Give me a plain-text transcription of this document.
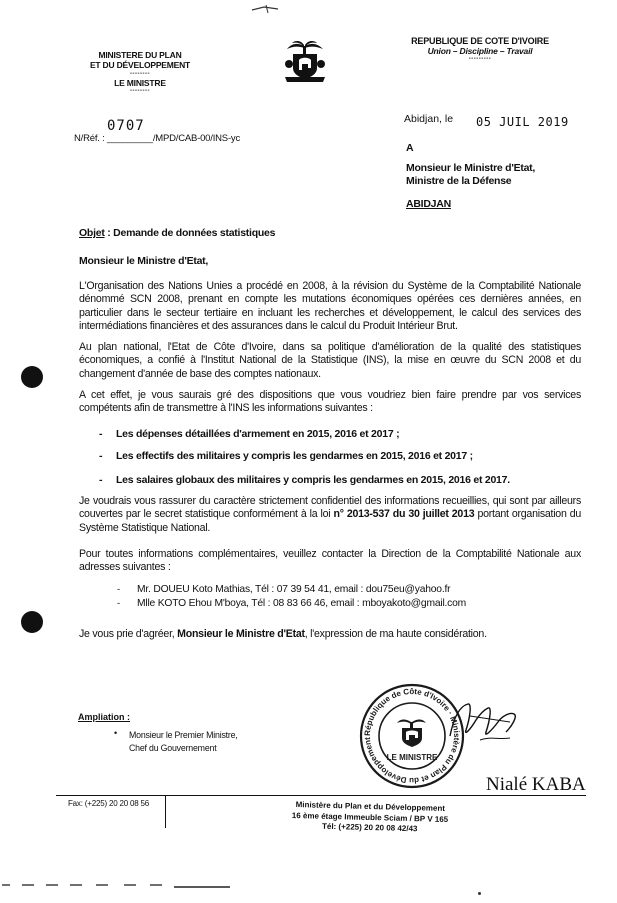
MINISTERE DU PLAN
ET DU DÉVELOPPEMENT
--------
LE MINISTRE
--------
0707
N/Réf. : _________/MPD/CAB-00/INS-yc
REPUBLIQUE DE COTE D'IVOIRE
Union – Discipline – Travail
---------
Abidjan, le 05 JUIL 2019
A
Monsieur le Ministre d'Etat,
Ministre de la Défense
ABIDJAN
Objet : Demande de données statistiques
Monsieur le Ministre d'Etat,
L'Organisation des Nations Unies a procédé en 2008, à la révision du Système de la Comptabilité Nationale dénommé SCN 2008, prenant en compte les mutations économiques opérées ces dernières années, en particulier dans le secteur tertiaire en incluant les recherches et développement, le calcul des services des intermédiations financières et des assurances dans le calcul du Produit Intérieur Brut.
Au plan national, l'Etat de Côte d'Ivoire, dans sa politique d'amélioration de la qualité des statistiques économiques, a confié à l'Institut National de la Statistique (INS), la mise en œuvre du SCN 2008 et du changement d'année de base des comptes nationaux.
A cet effet, je vous saurais gré des dispositions que vous voudriez bien faire prendre par vos services compétents afin de transmettre à l'INS les informations suivantes :
- Les dépenses détaillées d'armement en 2015, 2016 et 2017 ;
- Les effectifs des militaires y compris les gendarmes en 2015, 2016 et 2017 ;
- Les salaires globaux des militaires y compris les gendarmes en 2015, 2016 et 2017.
Je voudrais vous rassurer du caractère strictement confidentiel des informations recueillies, qui sont par ailleurs couvertes par le secret statistique conformément à la loi n° 2013-537 du 30 juillet 2013 portant organisation du Système Statistique National.
Pour toutes informations complémentaires, veuillez contacter la Direction de la Comptabilité Nationale aux adresses suivantes :
- Mr. DOUEU Koto Mathias, Tél : 07 39 54 41, email : dou75eu@yahoo.fr
- Mlle KOTO Ehou M'boya, Tél : 08 83 66 46, email : mboyakoto@gmail.com
Je vous prie d'agréer, Monsieur le Ministre d'Etat, l'expression de ma haute considération.
Ampliation :
• Monsieur le Premier Ministre,
Chef du Gouvernement
République de Côte d'Ivoire · Ministère du Plan et du Développement
LE MINISTRE
Nialé KABA
Fax: (+225) 20 20 08 56	Ministère du Plan et du Développement
16 ème étage Immeuble Sciam / BP V 165
Tél: (+225) 20 20 08 42/43
